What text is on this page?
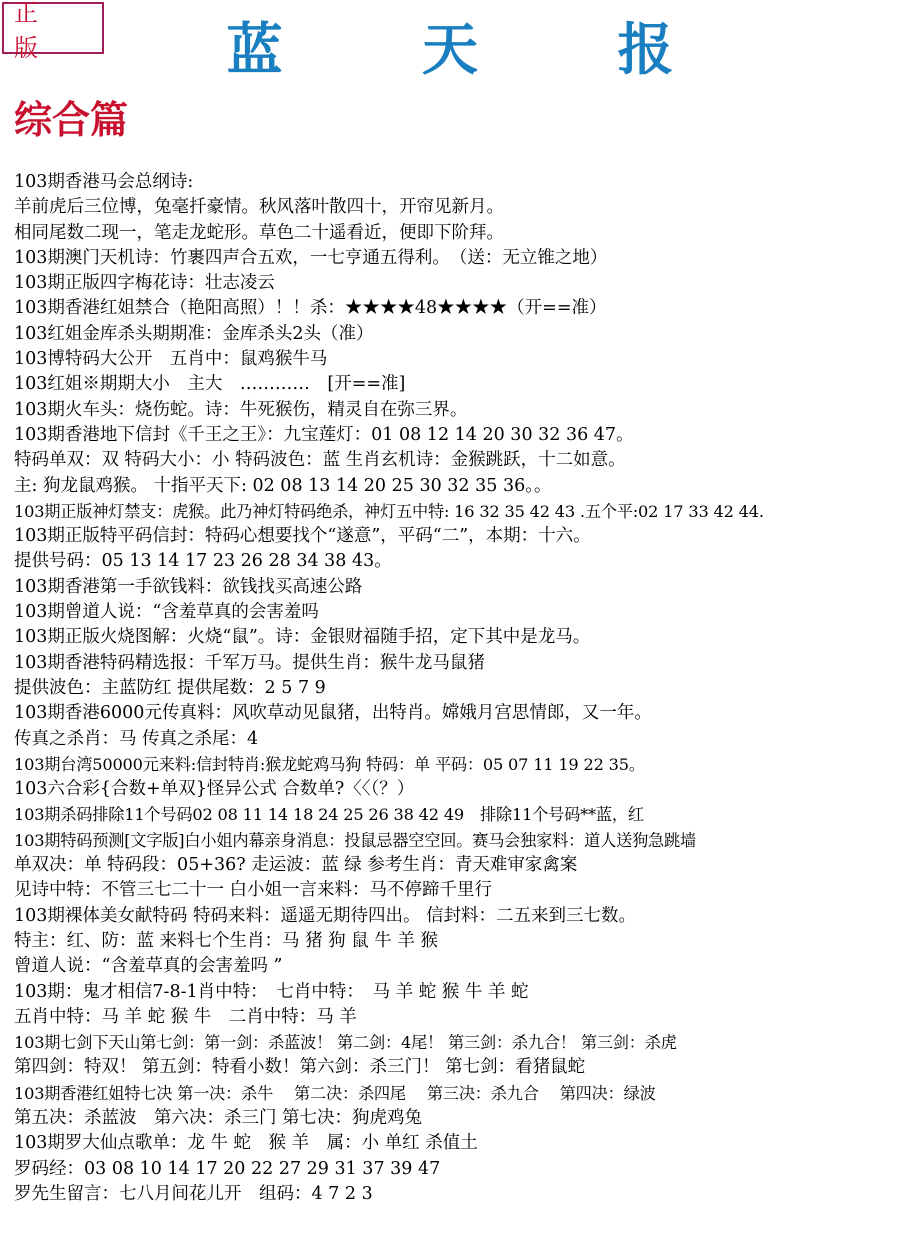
正 版	蓝 天 报
综合篇
103期香港马会总纲诗:
羊前虎后三位博，兔毫扦豪情。秋风落叶散四十，开帘见新月。
相同尾数二现一，笔走龙蛇形。草色二十遥看近，便即下阶拜。
103期澳门天机诗：竹裹四声合五欢，一七亨通五得利。　（送：无立锥之地）
103期正版四字梅花诗：壮志凌云
103期香港红姐禁合（艳阳高照）！！杀：★★★★48★★★★（开==准）
103红姐金库杀头期期准：金库杀头2头（准）
103博特码大公开　五肖中：鼠鸡猴牛马
103红姐※期期大小　主大　…………　[开==准]
103期火车头：烧伤蛇。诗：牛死猴伤，精灵自在弥三界。
103期香港地下信封《千王之王》：九宝莲灯：01 08 12 14 20 30 32 36 47。
特码单双：双 特码大小：小 特码波色：蓝 生肖玄机诗：金猴跳跃，十二如意。
主: 狗龙鼠鸡猴。 十指平天下: 02 08 13 14 20 25 30 32 35 36。。
103期正版神灯禁支：虎猴。此乃神灯特码绝杀，神灯五中特: 16 32 35 42 43 .五个平:02 17 33 42 44.
103期正版特平码信封：特码心想要找个“遂意”，平码“二”，本期：十六。
提供号码：05 13 14 17 23 26 28 34 38 43。
103期香港第一手欲钱料：欲钱找买高速公路
103期曾道人说：“含羞草真的会害羞吗
103期正版火烧图解：火烧“鼠”。诗：金银财福随手招，定下其中是龙马。
103期香港特码精选报：千军万马。提供生肖：猴牛龙马鼠猪
提供波色：主蓝防红 提供尾数：2 5 7 9
103期香港6000元传真料：风吹草动见鼠猪，出特肖。嫦娥月宫思情郎，又一年。
传真之杀肖：马 传真之杀尾：4
103期台湾50000元来料:信封特肖:猴龙蛇鸡马狗 特码：单 平码：05 07 11 19 22 35。
103六合彩{合数+单双}怪异公式 合数单?〈〈（？）
103期杀码排除11个号码02 08 11 14 18 24 25 26 38 42 49　排除11个号码**蓝，红
103期特码预测[文字版]白小姐内幕亲身消息：投鼠忌器空空回。赛马会独家料：道人送狗急跳墙
单双决：单 特码段：05+36? 走运波：蓝 绿 参考生肖：青天难审家禽案
见诗中特：不管三七二十一 白小姐一言来料：马不停蹄千里行
103期裸体美女献特码 特码来料：遥遥无期待四出。 信封料：二五来到三七数。
特主：红、防：蓝 来料七个生肖：马 猪 狗 鼠 牛 羊 猴
曾道人说：“含羞草真的会害羞吗 ”
103期：鬼才相信7-8-1肖中特：　七肖中特：　马 羊 蛇 猴 牛 羊 蛇
五肖中特：马 羊 蛇 猴 牛　二肖中特：马 羊
103期七剑下天山第七剑：第一剑：杀蓝波！ 第二剑：4尾！ 第三剑：杀九合！ 第三剑：杀虎
第四剑：特双！ 第五剑：特看小数！第六剑：杀三门！ 第七剑：看猪鼠蛇
103期香港红姐特七决 第一决：杀牛　 第二决：杀四尾　 第三决：杀九合　 第四决：绿波
第五决：杀蓝波　第六决：杀三门 第七决：狗虎鸡兔
103期罗大仙点歌单：龙 牛 蛇　猴 羊　属：小 单红 杀值土
罗码经：03 08 10 14 17 20 22 27 29 31 37 39 47
罗先生留言：七八月间花儿开　组码：4 7 2 3
